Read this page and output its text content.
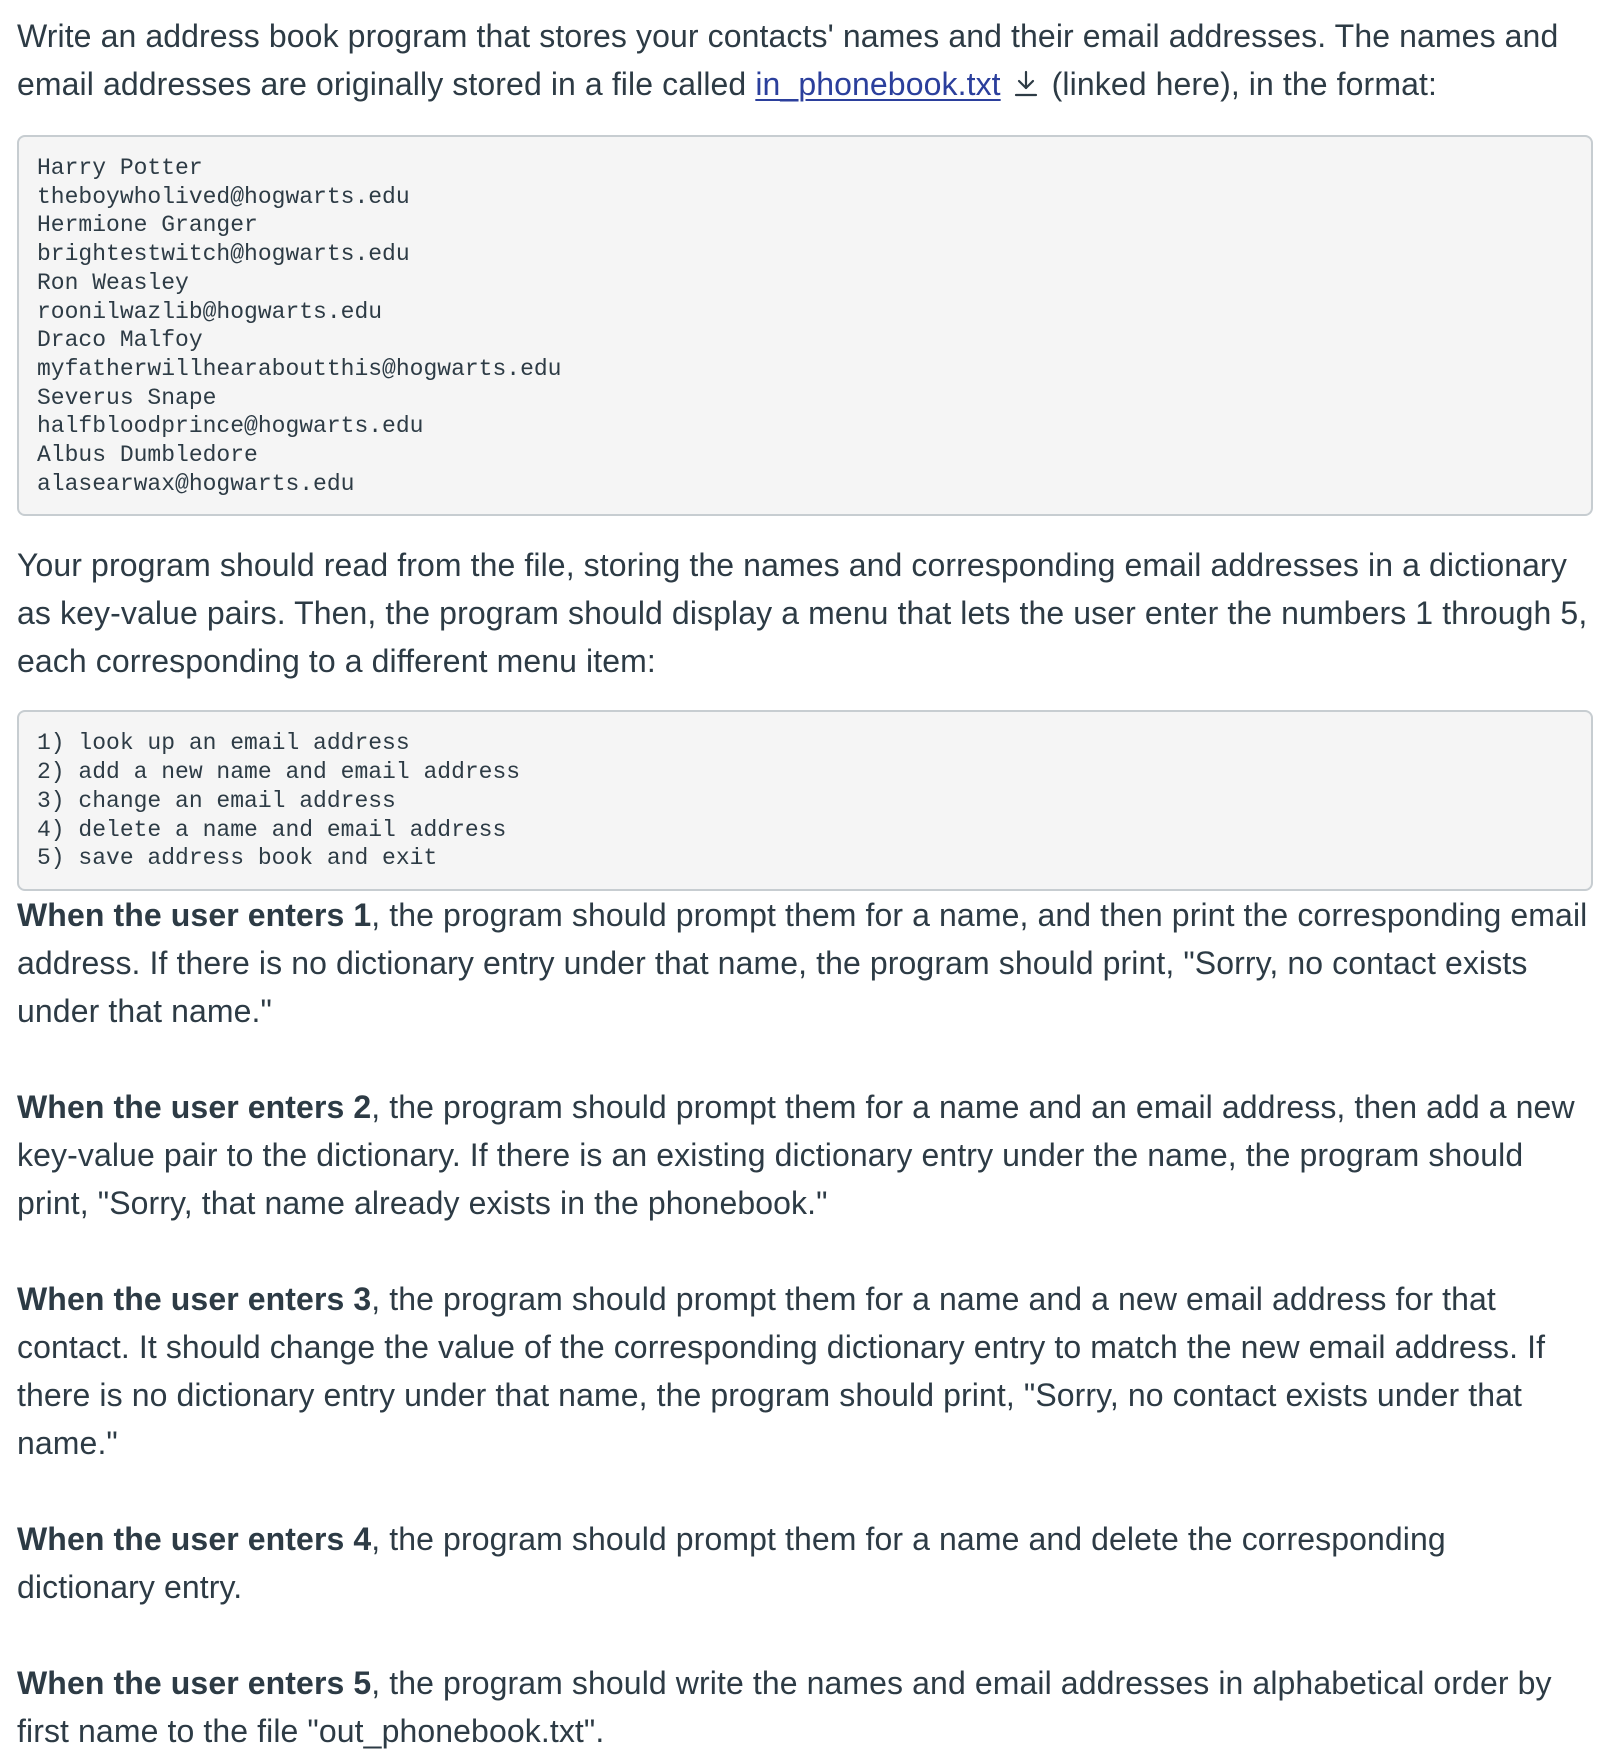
Write an address book program that stores your contacts' names and their email addresses. The names and email addresses are originally stored in a file called in_phonebook.txt (linked here), in the format:

Harry Potter
theboywholived@hogwarts.edu
Hermione Granger
brightestwitch@hogwarts.edu
Ron Weasley
roonilwazlib@hogwarts.edu
Draco Malfoy
myfatherwillhearaboutthis@hogwarts.edu
Severus Snape
halfbloodprince@hogwarts.edu
Albus Dumbledore
alasearwax@hogwarts.edu

Your program should read from the file, storing the names and corresponding email addresses in a dictionary as key-value pairs. Then, the program should display a menu that lets the user enter the numbers 1 through 5, each corresponding to a different menu item:

1) look up an email address
2) add a new name and email address
3) change an email address
4) delete a name and email address
5) save address book and exit

When the user enters 1, the program should prompt them for a name, and then print the corresponding email address. If there is no dictionary entry under that name, the program should print, "Sorry, no contact exists under that name."

When the user enters 2, the program should prompt them for a name and an email address, then add a new key-value pair to the dictionary. If there is an existing dictionary entry under the name, the program should print, "Sorry, that name already exists in the phonebook."

When the user enters 3, the program should prompt them for a name and a new email address for that contact. It should change the value of the corresponding dictionary entry to match the new email address. If there is no dictionary entry under that name, the program should print, "Sorry, no contact exists under that name."

When the user enters 4, the program should prompt them for a name and delete the corresponding dictionary entry.

When the user enters 5, the program should write the names and email addresses in alphabetical order by first name to the file "out_phonebook.txt".
